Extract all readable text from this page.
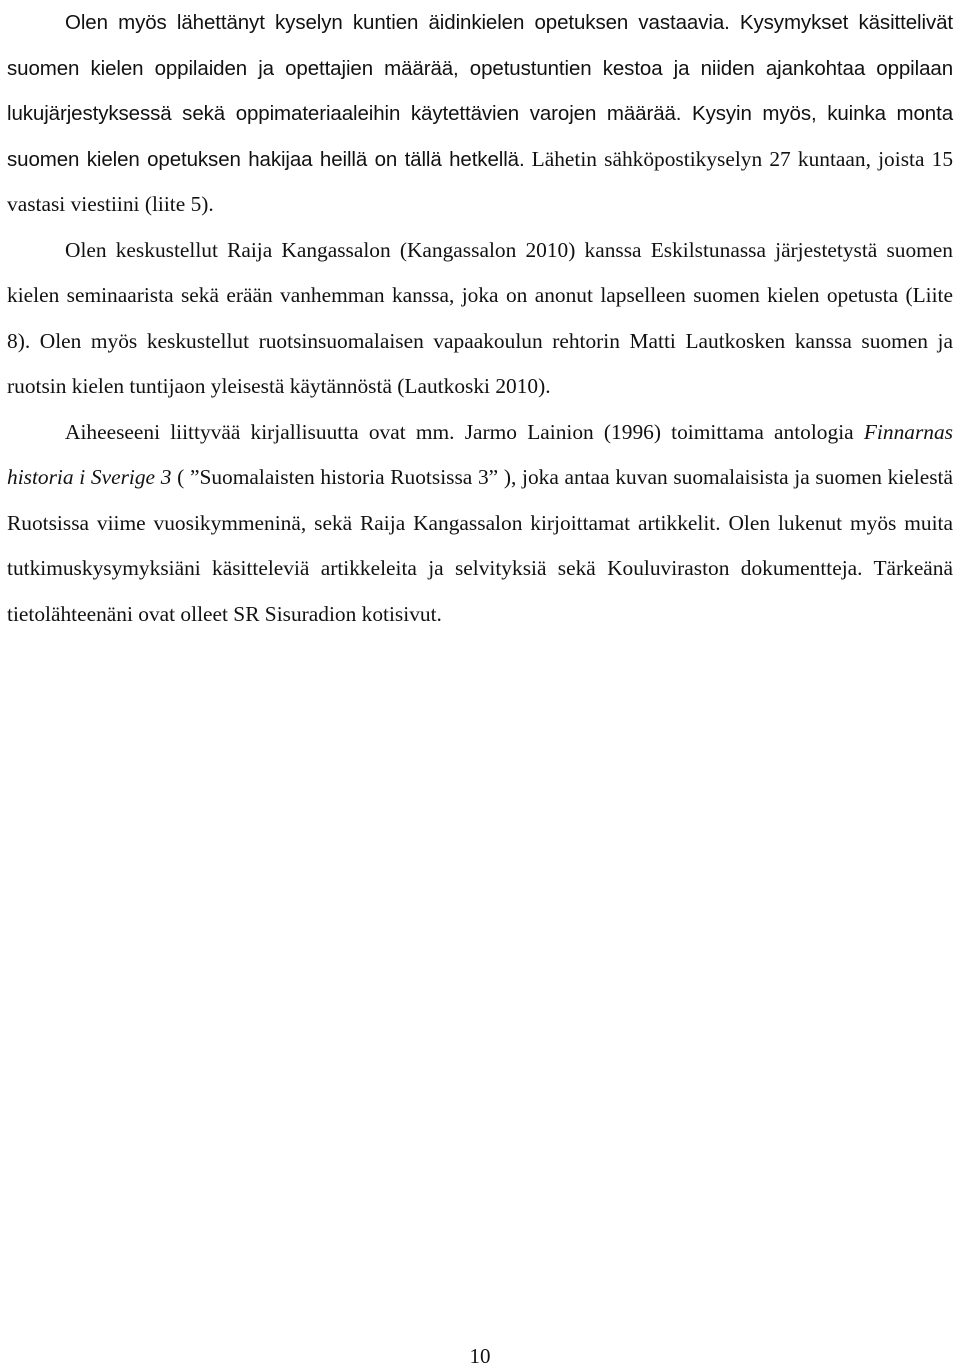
Olen myös lähettänyt kyselyn kuntien äidinkielen opetuksen vastaavia. Kysymykset käsittelivät suomen kielen oppilaiden ja opettajien määrää, opetustuntien kestoa ja niiden ajankohtaa oppilaan lukujärjestyksessä sekä oppimateriaaleihin käytettävien varojen määrää. Kysyin myös, kuinka monta suomen kielen opetuksen hakijaa heillä on tällä hetkellä. Lähetin sähköpostikyselyn 27 kuntaan, joista 15 vastasi viestiini (liite 5).

Olen keskustellut Raija Kangassalon (Kangassalon 2010) kanssa Eskilstunassa järjestetystä suomen kielen seminaarista sekä erään vanhemman kanssa, joka on anonut lapselleen suomen kielen opetusta (Liite 8). Olen myös keskustellut ruotsinsuomalaisen vapaakoulun rehtorin Matti Lautkosken kanssa suomen ja ruotsin kielen tuntijaon yleisestä käytännöstä (Lautkoski 2010).

Aiheeseeni liittyvää kirjallisuutta ovat mm. Jarmo Lainion (1996) toimittama antologia Finnarnas historia i Sverige 3 ( ”Suomalaisten historia Ruotsissa 3” ), joka antaa kuvan suomalaisista ja suomen kielestä Ruotsissa viime vuosikymmeninä, sekä Raija Kangassalon kirjoittamat artikkelit. Olen lukenut myös muita tutkimuskysymyksiäni käsitteleviä artikkeleita ja selvityksiä sekä Kouluviraston dokumentteja. Tärkeänä tietolähteenäni ovat olleet SR Sisuradion kotisivut.

10
